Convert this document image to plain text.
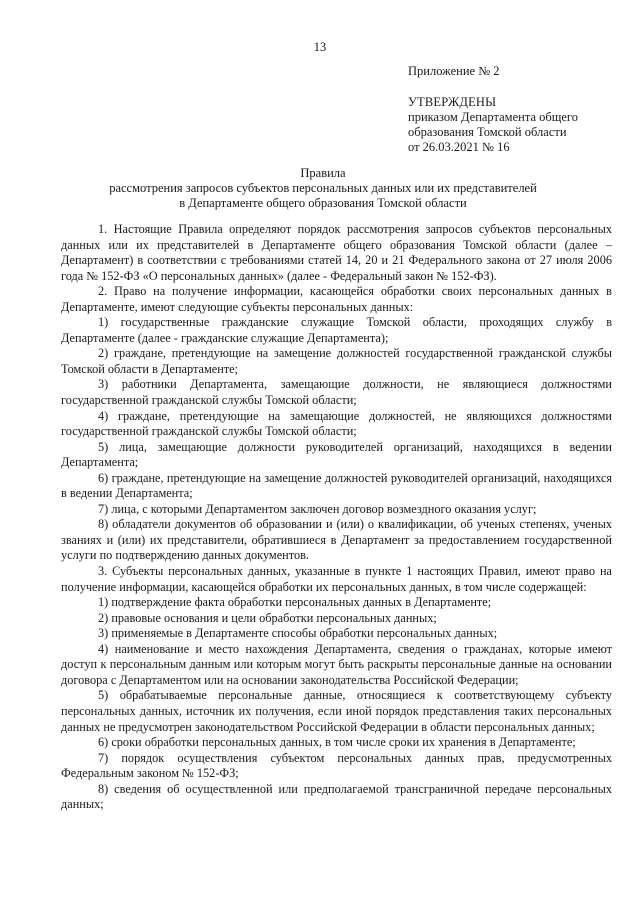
13
Приложение № 2
УТВЕРЖДЕНЫ
приказом Департамента общего
образования Томской области
от 26.03.2021 № 16
Правила
рассмотрения запросов субъектов персональных данных или их представителей
в Департаменте общего образования Томской области

1. Настоящие Правила определяют порядок рассмотрения запросов субъектов персональных данных или их представителей в Департаменте общего образования Томской области (далее – Департамент) в соответствии с требованиями статей 14, 20 и 21 Федерального закона от 27 июля 2006 года № 152-ФЗ «О персональных данных» (далее - Федеральный закон № 152-ФЗ).

2. Право на получение информации, касающейся обработки своих персональных данных в Департаменте, имеют следующие субъекты персональных данных:

1) государственные гражданские служащие Томской области, проходящих службу в Департаменте (далее - гражданские служащие Департамента);

2) граждане, претендующие на замещение должностей государственной гражданской службы Томской области в Департаменте;

3) работники Департамента, замещающие должности, не являющиеся должностями государственной гражданской службы Томской области;

4) граждане, претендующие на замещающие должностей, не являющихся должностями государственной гражданской службы Томской области;

5) лица, замещающие должности руководителей организаций, находящихся в ведении Департамента;

6) граждане, претендующие на замещение должностей руководителей организаций, находящихся в ведении Департамента;

7) лица, с которыми Департаментом заключен договор возмездного оказания услуг;

8) обладатели документов об образовании и (или) о квалификации, об ученых степенях, ученых званиях и (или) их представители, обратившиеся в Департамент за предоставлением государственной услуги по подтверждению данных документов.

3. Субъекты персональных данных, указанные в пункте 1 настоящих Правил, имеют право на получение информации, касающейся обработки их персональных данных, в том числе содержащей:

1) подтверждение факта обработки персональных данных в Департаменте;

2) правовые основания и цели обработки персональных данных;

3) применяемые в Департаменте способы обработки персональных данных;

4) наименование и место нахождения Департамента, сведения о гражданах, которые имеют доступ к персональным данным или которым могут быть раскрыты персональные данные на основании договора с Департаментом или на основании законодательства Российской Федерации;

5) обрабатываемые персональные данные, относящиеся к соответствующему субъекту персональных данных, источник их получения, если иной порядок представления таких персональных данных не предусмотрен законодательством Российской Федерации в области персональных данных;

6) сроки обработки персональных данных, в том числе сроки их хранения в Департаменте;

7) порядок осуществления субъектом персональных данных прав, предусмотренных Федеральным законом № 152-ФЗ;

8) сведения об осуществленной или предполагаемой трансграничной передаче персональных данных;
